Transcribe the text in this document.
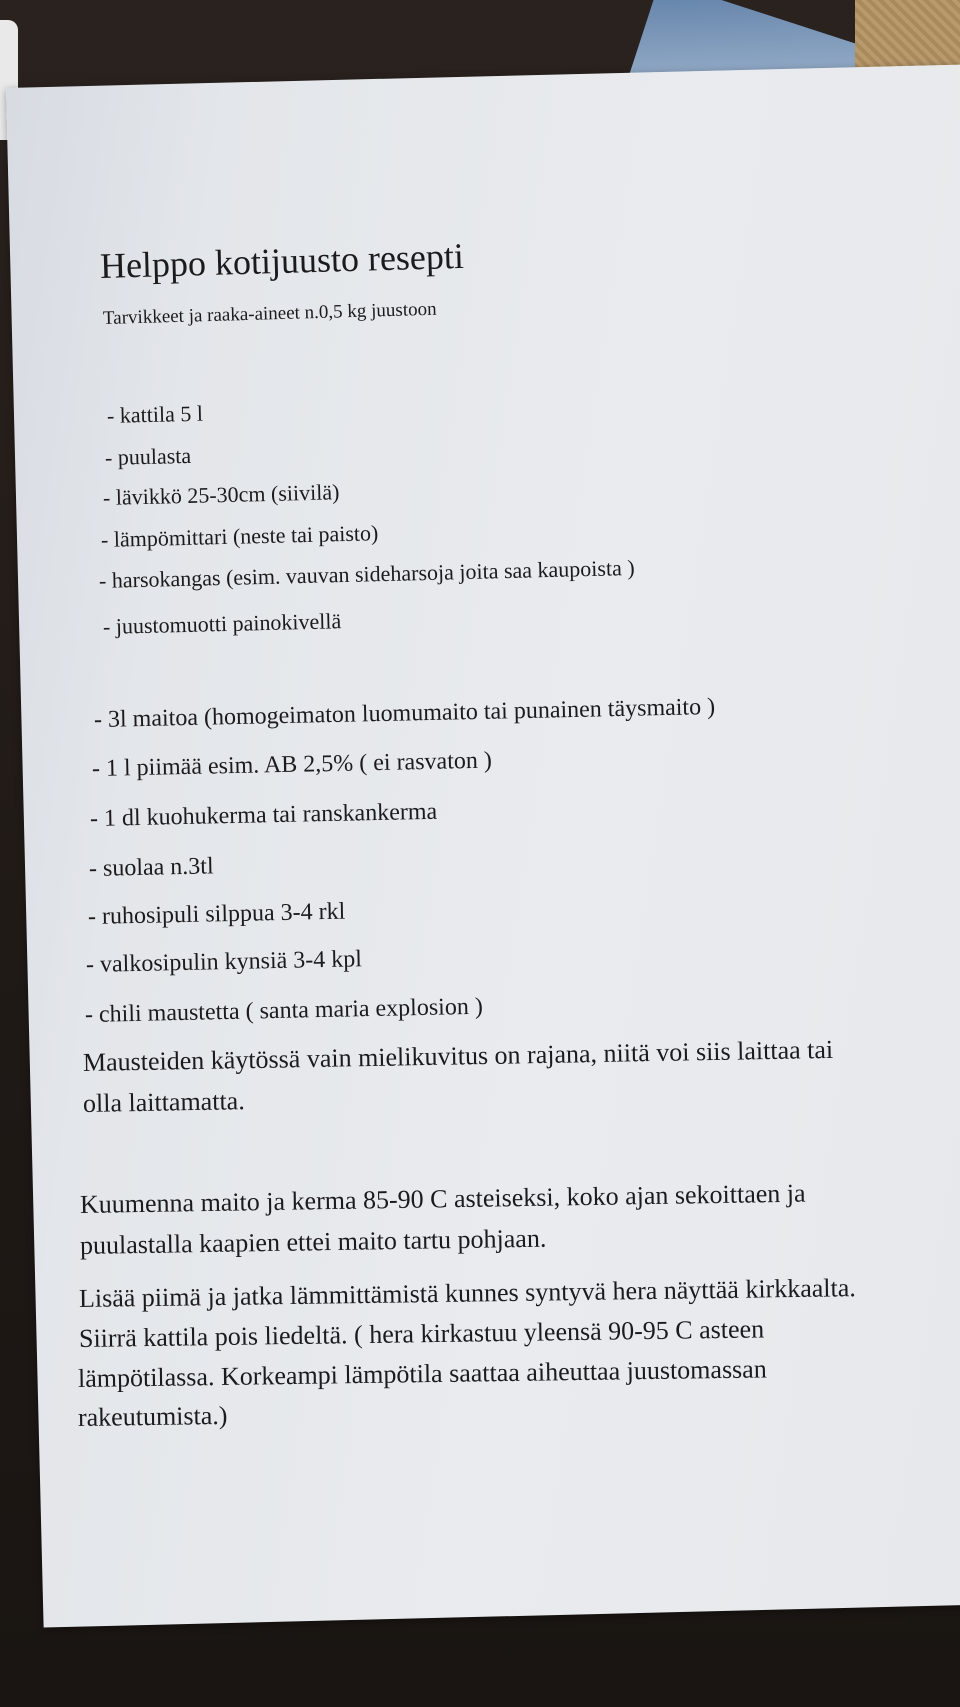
Helppo kotijuusto resepti
Tarvikkeet ja raaka-aineet n.0,5 kg juustoon
- kattila 5 l
- puulasta
- lävikkö 25-30cm (siivilä)
- lämpömittari (neste tai paisto)
- harsokangas (esim. vauvan sideharsoja joita saa kaupoista )
- juustomuotti painokivellä
- 3l maitoa (homogeimaton luomumaito tai punainen täysmaito )
- 1 l piimää esim. AB 2,5% ( ei rasvaton )
- 1 dl kuohukerma tai ranskankerma
- suolaa n.3tl
- ruhosipuli silppua 3-4 rkl
- valkosipulin kynsiä 3-4 kpl
- chili maustetta ( santa maria explosion )
Mausteiden käytössä vain mielikuvitus on rajana, niitä voi siis laittaa tai
olla laittamatta.
Kuumenna maito ja kerma 85-90 C asteiseksi, koko ajan sekoittaen ja
puulastalla kaapien ettei maito tartu pohjaan.
Lisää piimä ja jatka lämmittämistä kunnes syntyvä hera näyttää kirkkaalta.
Siirrä kattila pois liedeltä. ( hera kirkastuu yleensä 90-95 C asteen
lämpötilassa. Korkeampi lämpötila saattaa aiheuttaa juustomassan
rakeutumista.)
